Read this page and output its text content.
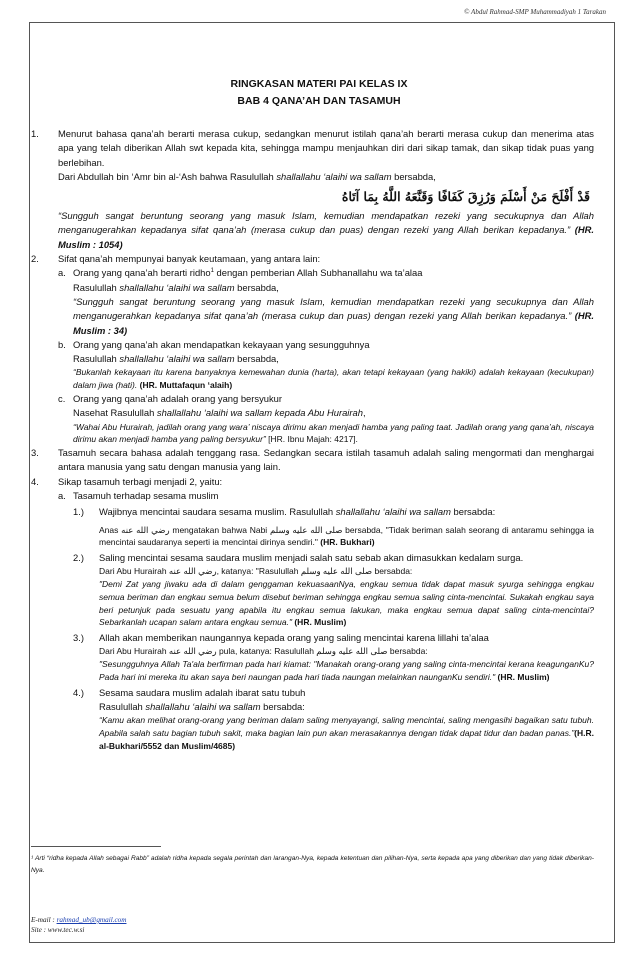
© Abdul Rahmad-SMP Muhammadiyah 1 Tarakan
RINGKASAN MATERI PAI KELAS IX
BAB 4 QANA’AH DAN TASAMUH
1.	Menurut bahasa qana’ah berarti merasa cukup, sedangkan menurut istilah qana’ah berarti merasa cukup dan menerima atas apa yang telah diberikan Allah swt kepada kita, sehingga mampu menjauhkan diri dari sikap tamak, dan sikap tidak puas yang berlebihan.
Dari Abdullah bin ‘Amr bin al-‘Ash bahwa Rasulullah shallallahu ‘alaihi wa sallam bersabda,
قَدْ أَفْلَحَ مَنْ أَسْلَمَ وَرُزِقَ كَفَافًا وَقَنَّعَهُ اللَّهُ بِمَا آتَاهُ
“Sungguh sangat beruntung seorang yang masuk Islam, kemudian mendapatkan rezeki yang secukupnya dan Allah menganugerahkan kepadanya sifat qana’ah (merasa cukup dan puas) dengan rezeki yang Allah berikan kepadanya.” (HR. Muslim : 1054)
2.	Sifat qana’ah mempunyai banyak keutamaan, yang antara lain:
a. Orang yang qana’ah berarti ridho$^1$ dengan pemberian Allah Subhanallahu wa ta’alaa
Rasulullah shallallahu ‘alaihi wa sallam bersabda,
“Sungguh sangat beruntung seorang yang masuk Islam, kemudian mendapatkan rezeki yang secukupnya dan Allah menganugerahkan kepadanya sifat qana’ah (merasa cukup dan puas) dengan rezeki yang Allah berikan kepadanya.” (HR. Muslim : 34)
b. Orang yang qana’ah akan mendapatkan kekayaan yang sesungguhnya
Rasulullah shallallahu ‘alaihi wa sallam bersabda,
“Bukanlah kekayaan itu karena banyaknya kemewahan dunia (harta), akan tetapi kekayaan (yang hakiki) adalah kekayaan (kecukupan) dalam jiwa (hati). (HR. Muttafaqun ‘alaih)
c. Orang yang qana’ah adalah orang yang bersyukur
Nasehat Rasulullah shallallahu ‘alaihi wa sallam kepada Abu Hurairah,
“Wahai Abu Hurairah, jadilah orang yang wara’ niscaya dirimu akan menjadi hamba yang paling taat. Jadilah orang yang qana’ah, niscaya dirimu akan menjadi hamba yang paling bersyukur” [HR. Ibnu Majah: 4217].
3.	Tasamuh secara bahasa adalah tenggang rasa. Sedangkan secara istilah tasamuh adalah saling mengormati dan menghargai antara manusia yang satu dengan manusia yang lain.
4.	Sikap tasamuh terbagi menjadi 2, yaitu:
a. Tasamuh terhadap sesama muslim
1.)	Wajibnya mencintai saudara sesama muslim. Rasulullah shallallahu ‘alaihi wa sallam bersabda:
Anas رضي الله عنه mengatakan bahwa Nabi صلى الله عليه وسلم bersabda, "Tidak beriman salah seorang di antaramu sehingga ia mencintai saudaranya seperti ia mencintai dirinya sendiri." (HR. Bukhari)
2.)	Saling mencintai sesama saudara muslim menjadi salah satu sebab akan dimasukkan kedalam surga.
Dari Abu Hurairah رضي الله عنه, katanya: "Rasulullah صلى الله عليه وسلم bersabda:
"Demi Zat yang jiwaku ada di dalam genggaman kekuasaanNya, engkau semua tidak dapat masuk syurga sehingga engkau semua beriman dan engkau semua belum disebut beriman sehingga engkau semua saling cinta-mencintai. Sukakah engkau saya beri petunjuk pada sesuatu yang apabila itu engkau semua lakukan, maka engkau semua dapat saling cinta-mencintai? Sebarkanlah ucapan salam antara engkau semua." (HR. Muslim)
3.)	Allah akan memberikan naungannya kepada orang yang saling mencintai karena lillahi ta’alaa
Dari Abu Hurairah رضي الله عنه pula, katanya: Rasulullah صلى الله عليه وسلم bersabda:
"Sesungguhnya Allah Ta'ala berfirman pada hari kiamat: "Manakah orang-orang yang saling cinta-mencintai kerana keagunganKu? Pada hari ini mereka itu akan saya beri naungan pada hari tiada naungan melainkan naunganKu sendiri." (HR. Muslim)
4.)	Sesama saudara muslim adalah ibarat satu tubuh
Rasulullah shallallahu ‘alaihi wa sallam bersabda:
“Kamu akan melihat orang-orang yang beriman dalam saling menyayangi, saling mencintai, saling mengasihi bagaikan satu tubuh. Apabila salah satu bagian tubuh sakit, maka bagian lain pun akan merasakannya dengan tidak dapat tidur dan badan panas.”(H.R. al-Bukhari/5552 dan Muslim/4685)
¹ Arti “ridha kepada Allah sebagai Rabb” adalah ridha kepada segala perintah dan larangan-Nya, kepada ketentuan dan pilihan-Nya, serta kepada apa yang diberikan dan yang tidak diberikan-Nya.
E-mail : rahmad_ub@gmail.com
Site : www.tec.w.si
